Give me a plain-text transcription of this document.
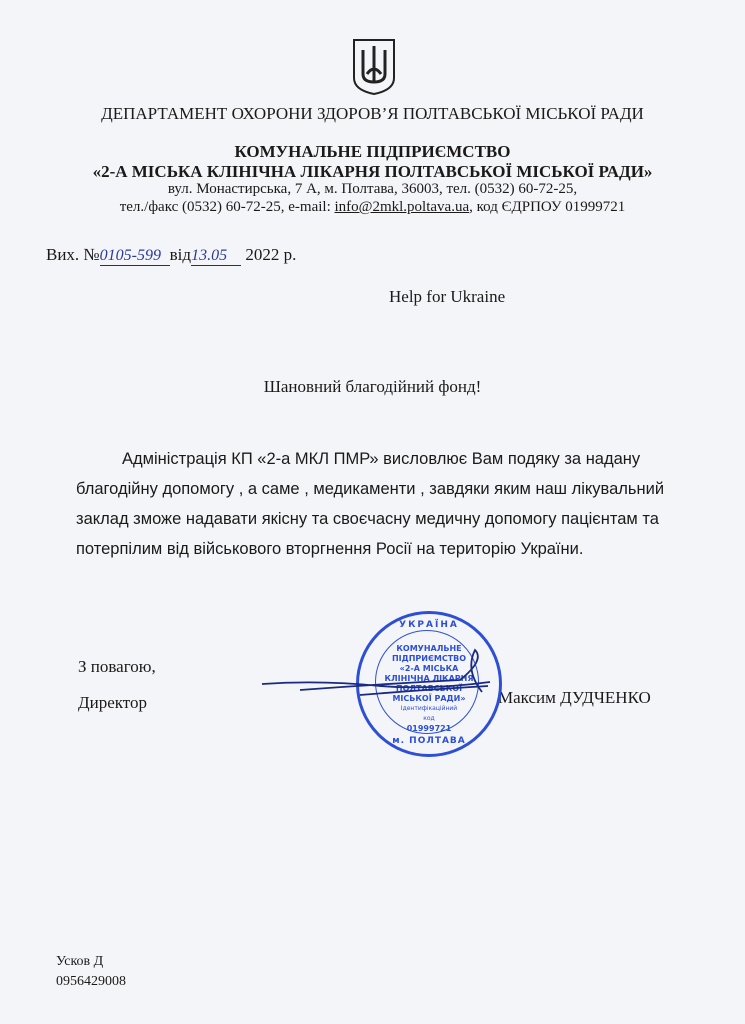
ДЕПАРТАМЕНТ ОХОРОНИ ЗДОРОВ’Я ПОЛТАВСЬКОЇ МІСЬКОЇ РАДИ
КОМУНАЛЬНЕ ПІДПРИЄМСТВО
«2-А МІСЬКА КЛІНІЧНА ЛІКАРНЯ ПОЛТАВСЬКОЇ МІСЬКОЇ РАДИ»
вул. Монастирська, 7 А, м. Полтава, 36003, тел. (0532) 60-72-25,
тел./факс (0532) 60-72-25, e-mail: info@2mkl.poltava.ua, код ЄДРПОУ 01999721
Вих. №0105-599 від13.05 2022 р.
Help for Ukraine
Шановний благодійний фонд!
Адміністрація КП «2-а МКЛ ПМР» висловлює Вам подяку за надану
благодійну допомогу , а саме , медикаменти , завдяки яким наш лікувальний
заклад зможе надавати якісну та своєчасну медичну допомогу пацієнтам та
потерпілим від військового вторгнення Росії на територію України.
З повагою,
Директор	Максим ДУДЧЕНКО
УКРАЇНА
КОМУНАЛЬНЕ
ПІДПРИЄМСТВО
«2-А МІСЬКА
КЛІНІЧНА ЛІКАРНЯ
ПОЛТАВСЬКОЇ
МІСЬКОЇ РАДИ»
Ідентифікаційний
код
01999721
м. ПОЛТАВА
Усков Д
0956429008
